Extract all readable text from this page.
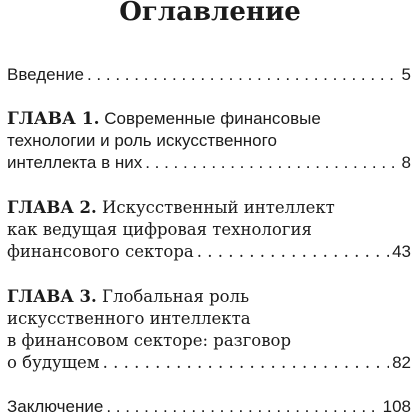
Оглавление
Введение . . .	5
ГЛАВА 1. Современные финансовые
технологии и роль искусственного
интеллекта в них . . .	8
ГЛАВА 2. Искусственный интеллект
как ведущая цифровая технология
финансового сектора . . .	43
ГЛАВА 3. Глобальная роль
искусственного интеллекта
в финансовом секторе: разговор
о будущем . . .	82
Заключение . . .	108
